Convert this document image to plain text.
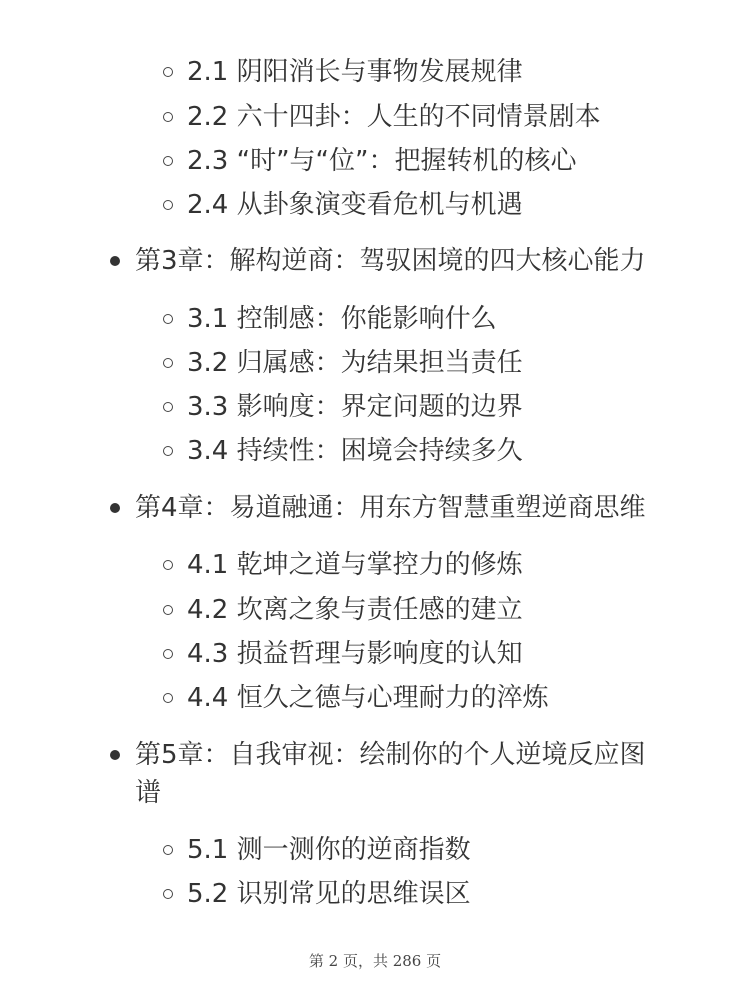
2.1 阴阳消长与事物发展规律
2.2 六十四卦：人生的不同情景剧本
2.3 “时”与“位”：把握转机的核心
2.4 从卦象演变看危机与机遇
第3章：解构逆商：驾驭困境的四大核心能力
3.1 控制感：你能影响什么
3.2 归属感：为结果担当责任
3.3 影响度：界定问题的边界
3.4 持续性：困境会持续多久
第4章：易道融通：用东方智慧重塑逆商思维
4.1 乾坤之道与掌控力的修炼
4.2 坎离之象与责任感的建立
4.3 损益哲理与影响度的认知
4.4 恒久之德与心理耐力的淬炼
第5章：自我审视：绘制你的个人逆境反应图
谱
5.1 测一测你的逆商指数
5.2 识别常见的思维误区
第 2 页，共 286 页
